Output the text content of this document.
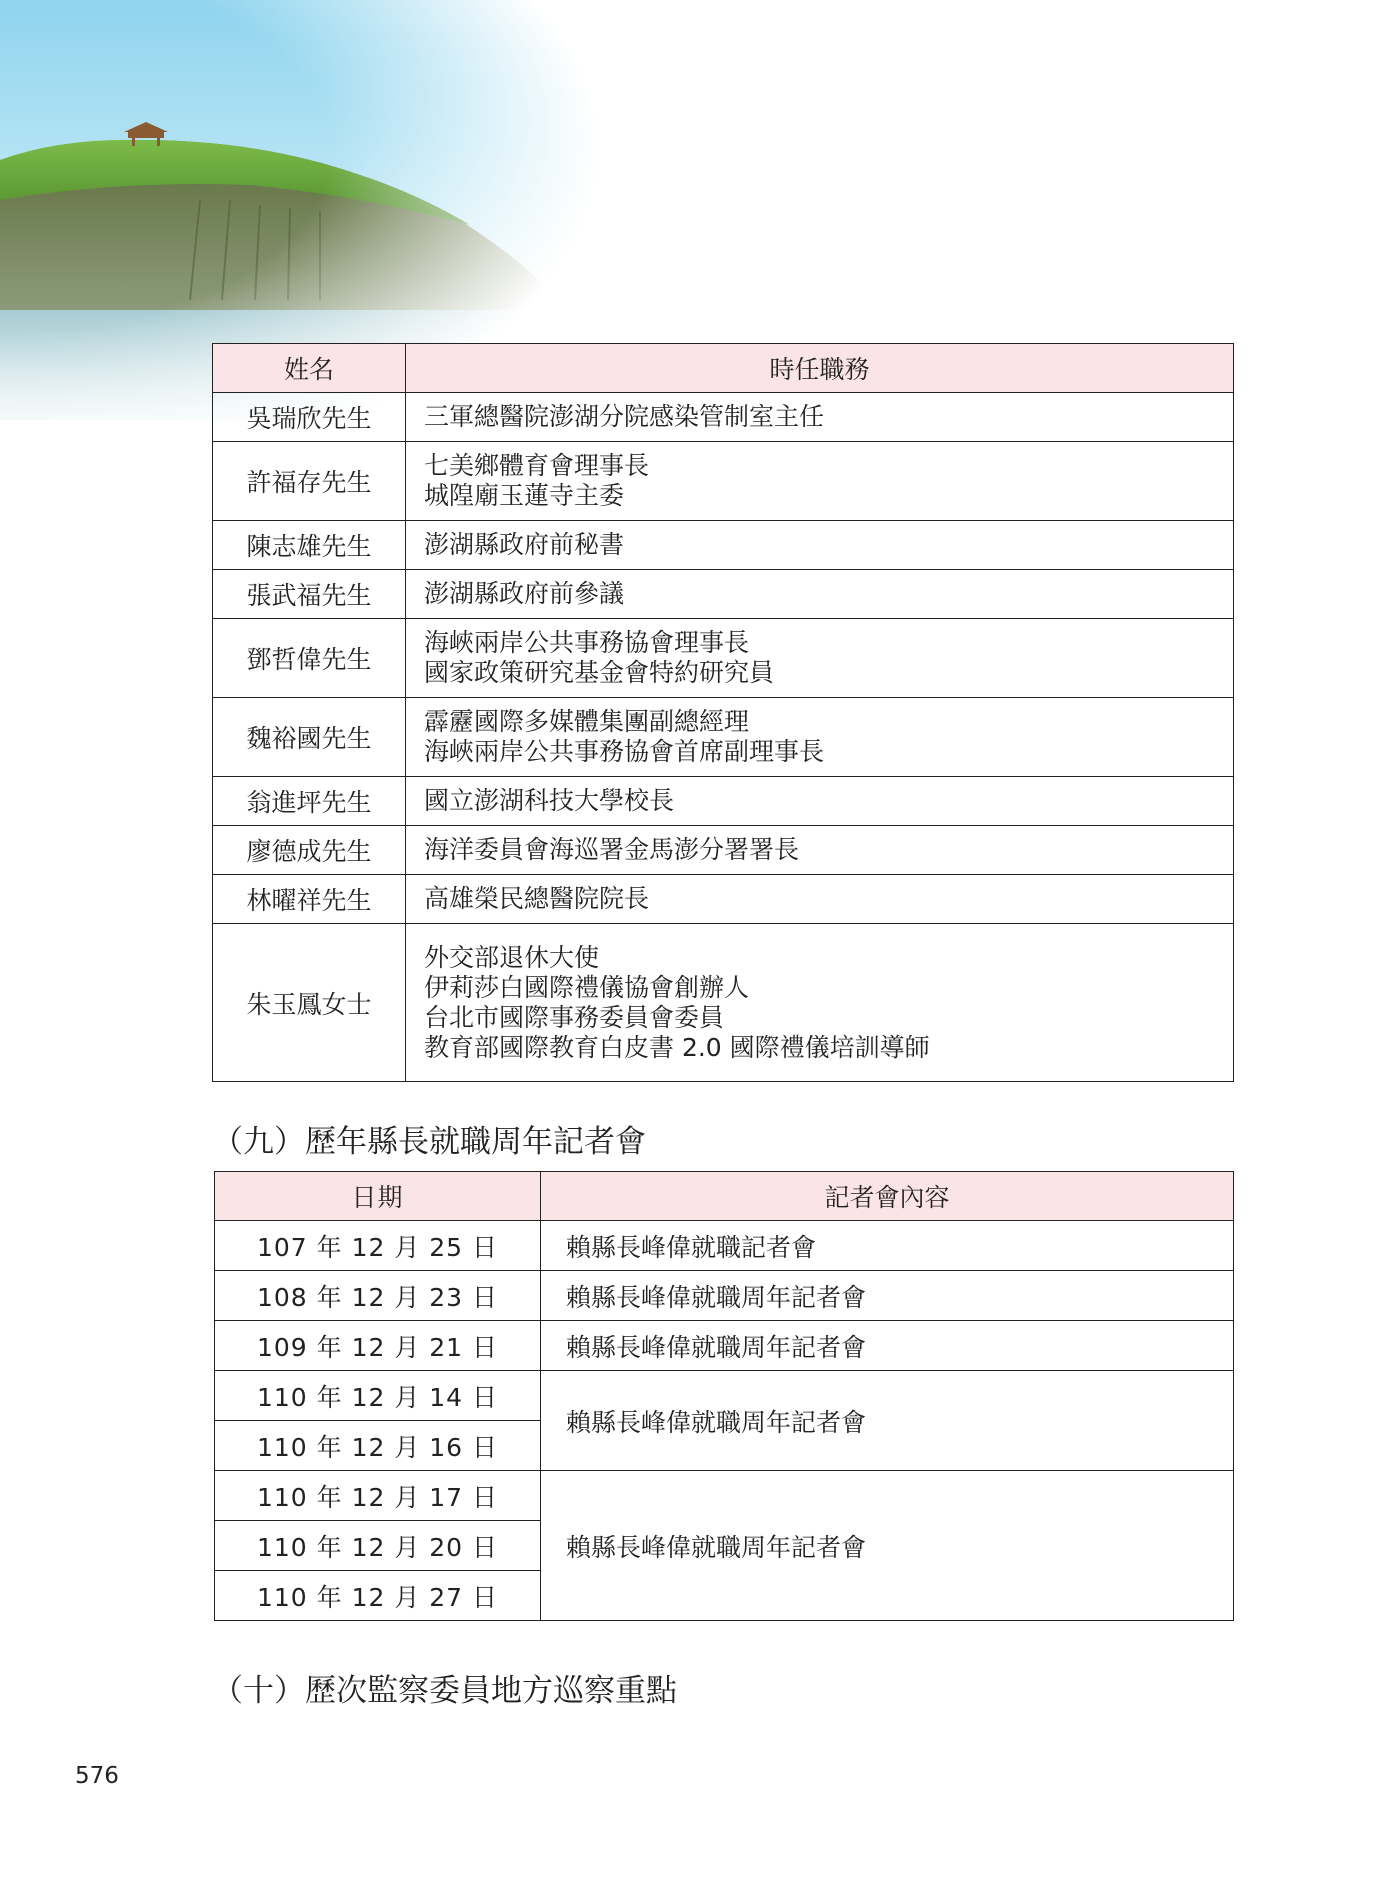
姓名	時任職務
吳瑞欣先生	三軍總醫院澎湖分院感染管制室主任
許福存先生	七美鄉體育會理事長
城隍廟玉蓮寺主委
陳志雄先生	澎湖縣政府前秘書
張武福先生	澎湖縣政府前參議
鄧哲偉先生	海峽兩岸公共事務協會理事長
國家政策研究基金會特約研究員
魏裕國先生	霹靂國際多媒體集團副總經理
海峽兩岸公共事務協會首席副理事長
翁進坪先生	國立澎湖科技大學校長
廖德成先生	海洋委員會海巡署金馬澎分署署長
林曜祥先生	高雄榮民總醫院院長
朱玉鳳女士	外交部退休大使
伊莉莎白國際禮儀協會創辦人
台北市國際事務委員會委員
教育部國際教育白皮書 2.0 國際禮儀培訓導師
（九）歷年縣長就職周年記者會
日期	記者會內容
107 年 12 月 25 日	賴縣長峰偉就職記者會
108 年 12 月 23 日	賴縣長峰偉就職周年記者會
109 年 12 月 21 日	賴縣長峰偉就職周年記者會
110 年 12 月 14 日	賴縣長峰偉就職周年記者會
110 年 12 月 16 日	
110 年 12 月 17 日	賴縣長峰偉就職周年記者會
110 年 12 月 20 日	
110 年 12 月 27 日	
（十）歷次監察委員地方巡察重點
576
